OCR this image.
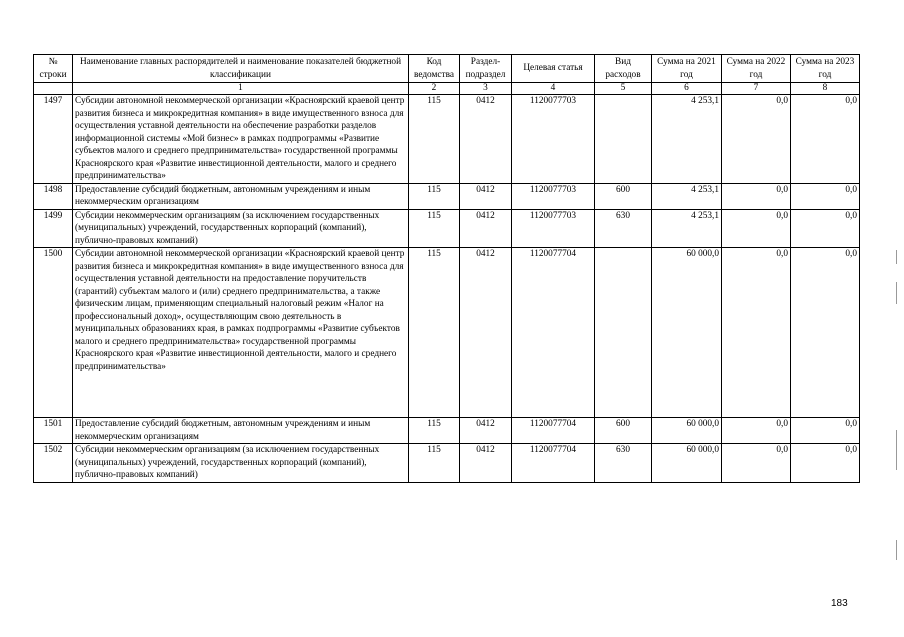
№ строки	Наименование главных распорядителей и наименование показателей бюджетной классификации	Код ведомства	Раздел-подраздел	Целевая статья	Вид расходов	Сумма на 2021 год	Сумма на 2022 год	Сумма на 2023 год
	1	2	3	4	5	6	7	8
1497	Субсидии автономной некоммерческой организации «Красноярский краевой центр развития бизнеса и микрокредитная компания» в виде имущественного взноса для осуществления уставной деятельности на обеспечение разработки разделов информационной системы «Мой бизнес» в рамках подпрограммы «Развитие субъектов малого и среднего предпринимательства» государственной программы Красноярского края «Развитие инвестиционной деятельности, малого и среднего предпринимательства»	115	0412	1120077703		4 253,1	0,0	0,0
1498	Предоставление субсидий бюджетным, автономным учреждениям и иным некоммерческим организациям	115	0412	1120077703	600	4 253,1	0,0	0,0
1499	Субсидии некоммерческим организациям (за исключением государственных (муниципальных) учреждений, государственных корпораций (компаний), публично-правовых компаний)	115	0412	1120077703	630	4 253,1	0,0	0,0
1500	Субсидии автономной некоммерческой организации «Красноярский краевой центр развития бизнеса и микрокредитная компания» в виде имущественного взноса для осуществления уставной деятельности на предоставление поручительств (гарантий) субъектам малого и (или) среднего предпринимательства, а также физическим лицам, применяющим специальный налоговый режим «Налог на профессиональный доход», осуществляющим свою деятельность в муниципальных образованиях края, в рамках подпрограммы «Развитие субъектов малого и среднего предпринимательства» государственной программы Красноярского края «Развитие инвестиционной деятельности, малого и среднего предпринимательства»	115	0412	1120077704		60 000,0	0,0	0,0
1501	Предоставление субсидий бюджетным, автономным учреждениям и иным некоммерческим организациям	115	0412	1120077704	600	60 000,0	0,0	0,0
1502	Субсидии некоммерческим организациям (за исключением государственных (муниципальных) учреждений, государственных корпораций (компаний), публично-правовых компаний)	115	0412	1120077704	630	60 000,0	0,0	0,0
183
